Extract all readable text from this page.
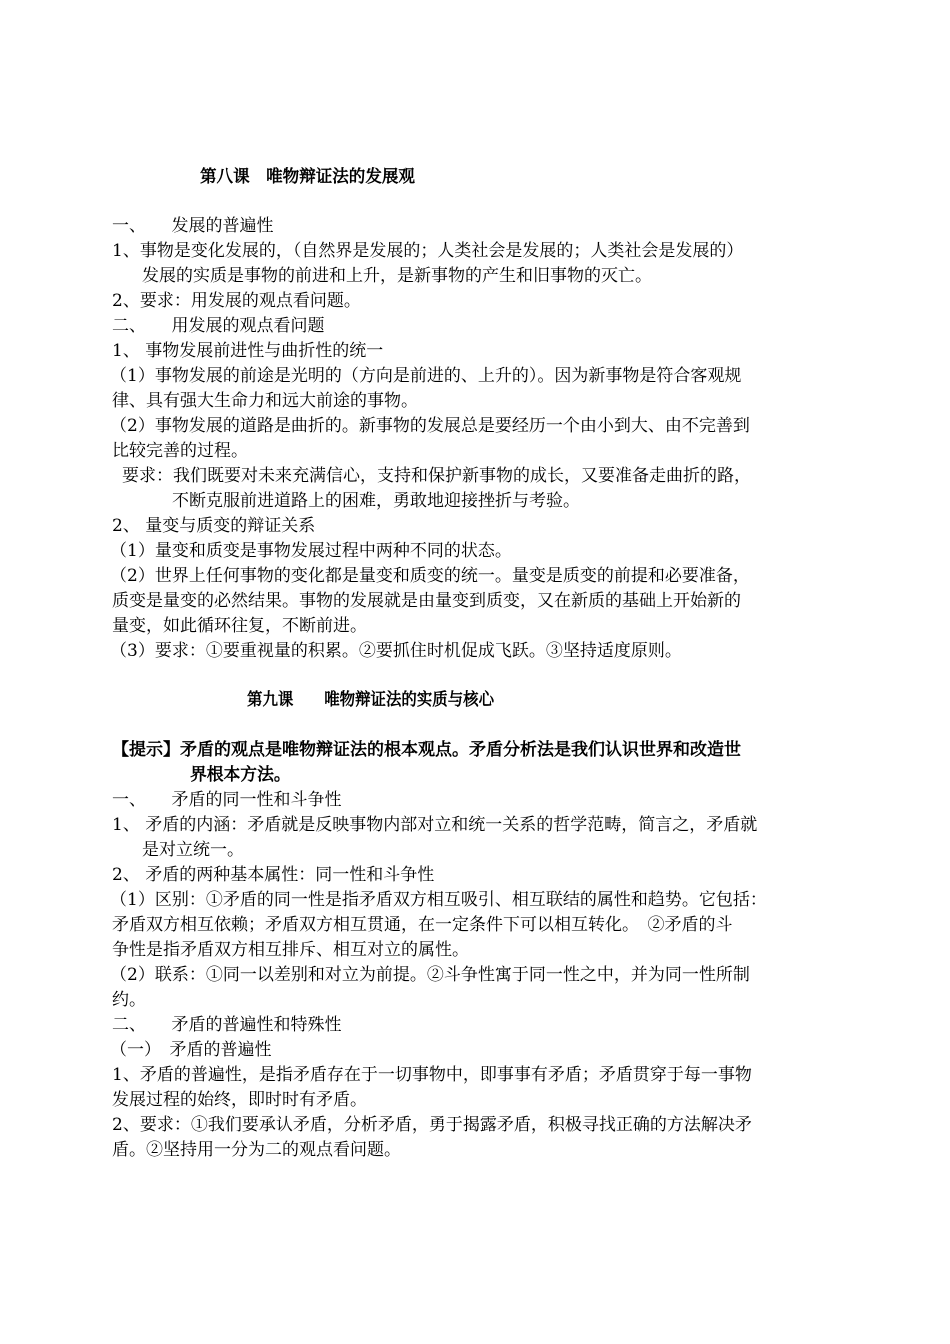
第八课　唯物辩证法的发展观
一、　　发展的普遍性
1、事物是变化发展的，（自然界是发展的；人类社会是发展的；人类社会是发展的）
发展的实质是事物的前进和上升，是新事物的产生和旧事物的灭亡。
2、要求：用发展的观点看问题。
二、　　用发展的观点看问题
1、 事物发展前进性与曲折性的统一
（1）事物发展的前途是光明的（方向是前进的、上升的）。因为新事物是符合客观规
律、具有强大生命力和远大前途的事物。
（2）事物发展的道路是曲折的。新事物的发展总是要经历一个由小到大、由不完善到
比较完善的过程。
要求：我们既要对未来充满信心，支持和保护新事物的成长，又要准备走曲折的路，
不断克服前进道路上的困难，勇敢地迎接挫折与考验。
2、 量变与质变的辩证关系
（1）量变和质变是事物发展过程中两种不同的状态。
（2）世界上任何事物的变化都是量变和质变的统一。量变是质变的前提和必要准备，
质变是量变的必然结果。事物的发展就是由量变到质变，又在新质的基础上开始新的
量变，如此循环往复，不断前进。
（3）要求：①要重视量的积累。②要抓住时机促成飞跃。③坚持适度原则。
第九课　　唯物辩证法的实质与核心
【提示】矛盾的观点是唯物辩证法的根本观点。矛盾分析法是我们认识世界和改造世
界根本方法。
一、　　矛盾的同一性和斗争性
1、 矛盾的内涵：矛盾就是反映事物内部对立和统一关系的哲学范畴，简言之，矛盾就
是对立统一。
2、 矛盾的两种基本属性：同一性和斗争性
（1）区别：①矛盾的同一性是指矛盾双方相互吸引、相互联结的属性和趋势。它包括：
矛盾双方相互依赖；矛盾双方相互贯通，在一定条件下可以相互转化。　②矛盾的斗
争性是指矛盾双方相互排斥、相互对立的属性。
（2）联系：①同一以差别和对立为前提。②斗争性寓于同一性之中，并为同一性所制
约。
二、　　矛盾的普遍性和特殊性
（一）　矛盾的普遍性
1、矛盾的普遍性，是指矛盾存在于一切事物中，即事事有矛盾；矛盾贯穿于每一事物
发展过程的始终，即时时有矛盾。
2、要求：①我们要承认矛盾，分析矛盾，勇于揭露矛盾，积极寻找正确的方法解决矛
盾。②坚持用一分为二的观点看问题。
